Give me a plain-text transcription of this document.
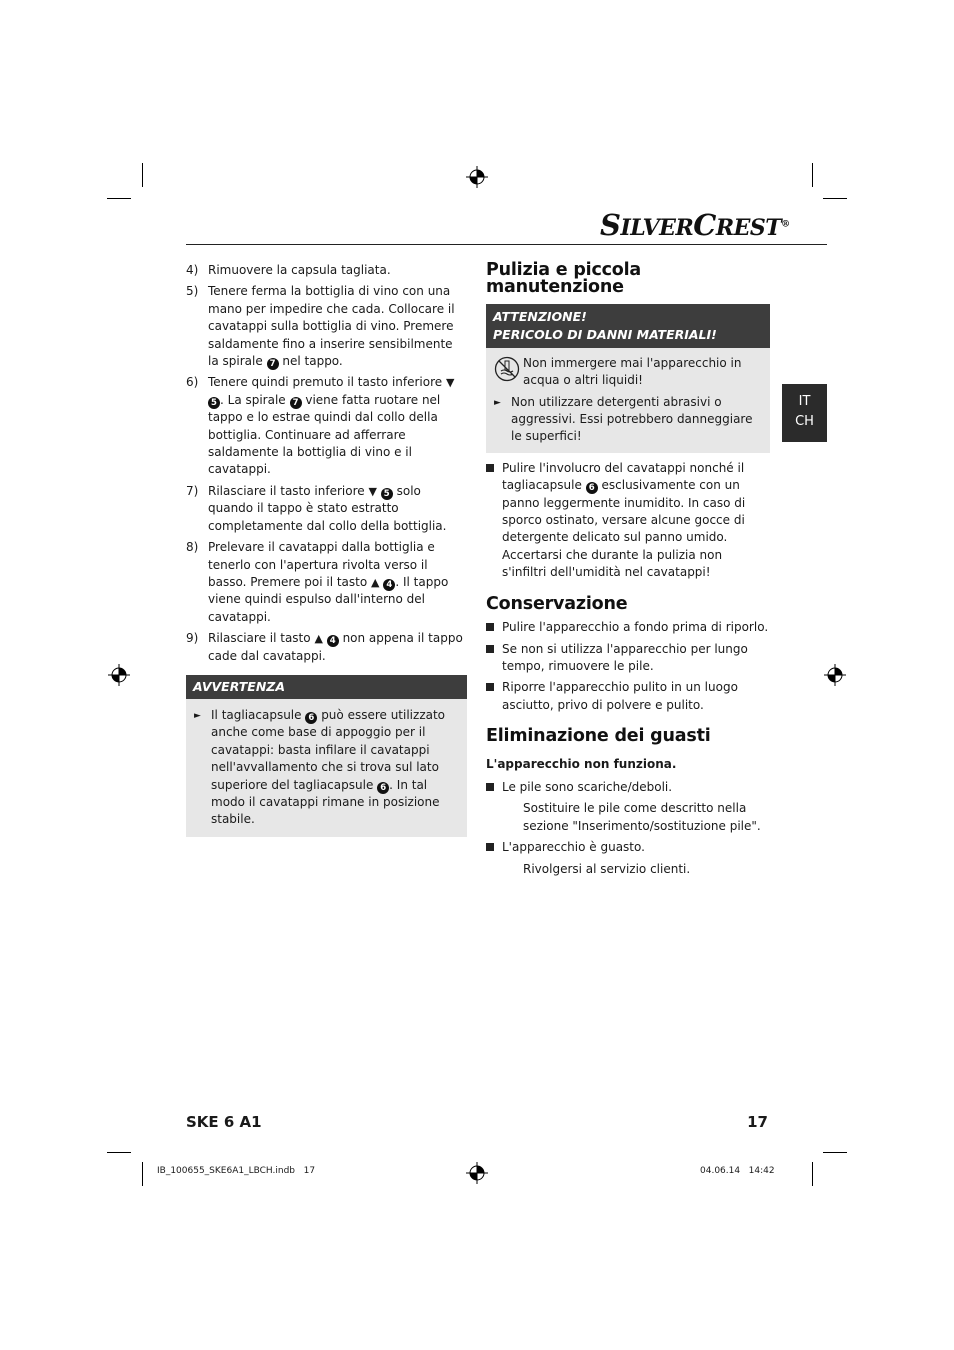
SILVERCREST®
IT
CH
4) Rimuovere la capsula tagliata.
5) Tenere ferma la bottiglia di vino con una mano per impedire che cada. Collocare il cavatappi sulla bottiglia di vino. Premere saldamente fino a inserire sensibilmente la spirale 7 nel tappo.
6) Tenere quindi premuto il tasto inferiore ▼ 5 . La spirale 7 viene fatta ruotare nel tappo e lo estrae quindi dal collo della bottiglia. Continuare ad afferrare saldamente la bottiglia di vino e il cavatappi.
7) Rilasciare il tasto inferiore ▼ 5 solo quando il tappo è stato estratto completamente dal collo della bottiglia.
8) Prelevare il cavatappi dalla bottiglia e tenerlo con l'apertura rivolta verso il basso. Premere poi il tasto ▲ 4 . Il tappo viene quindi espulso dall'interno del cavatappi.
9) Rilasciare il tasto ▲ 4 non appena il tappo cade dal cavatappi.
AVVERTENZA
► Il tagliacapsule 6 può essere utilizzato anche come base di appoggio per il cavatappi: basta infilare il cavatappi nell'avvallamento che si trova sul lato superiore del tagliacapsule 6 . In tal modo il cavatappi rimane in posizione stabile.
Pulizia e piccola manutenzione
ATTENZIONE!
PERICOLO DI DANNI MATERIALI!
Non immergere mai l'apparecchio in acqua o altri liquidi!
► Non utilizzare detergenti abrasivi o aggressivi. Essi potrebbero danneggiare le superfici!
Pulire l'involucro del cavatappi nonché il tagliacapsule 6 esclusivamente con un panno leggermente inumidito. In caso di sporco ostinato, versare alcune gocce di detergente delicato sul panno umido. Accertarsi che durante la pulizia non s'infiltri dell'umidità nel cavatappi!
Conservazione
Pulire l'apparecchio a fondo prima di riporlo.
Se non si utilizza l'apparecchio per lungo tempo, rimuovere le pile.
Riporre l'apparecchio pulito in un luogo asciutto, privo di polvere e pulito.
Eliminazione dei guasti
L'apparecchio non funziona.
Le pile sono scariche/deboli.
Sostituire le pile come descritto nella sezione "Inserimento/sostituzione pile".
L'apparecchio è guasto.
Rivolgersi al servizio clienti.
SKE 6 A1	17
IB_100655_SKE6A1_LBCH.indb   17	04.06.14   14:42
